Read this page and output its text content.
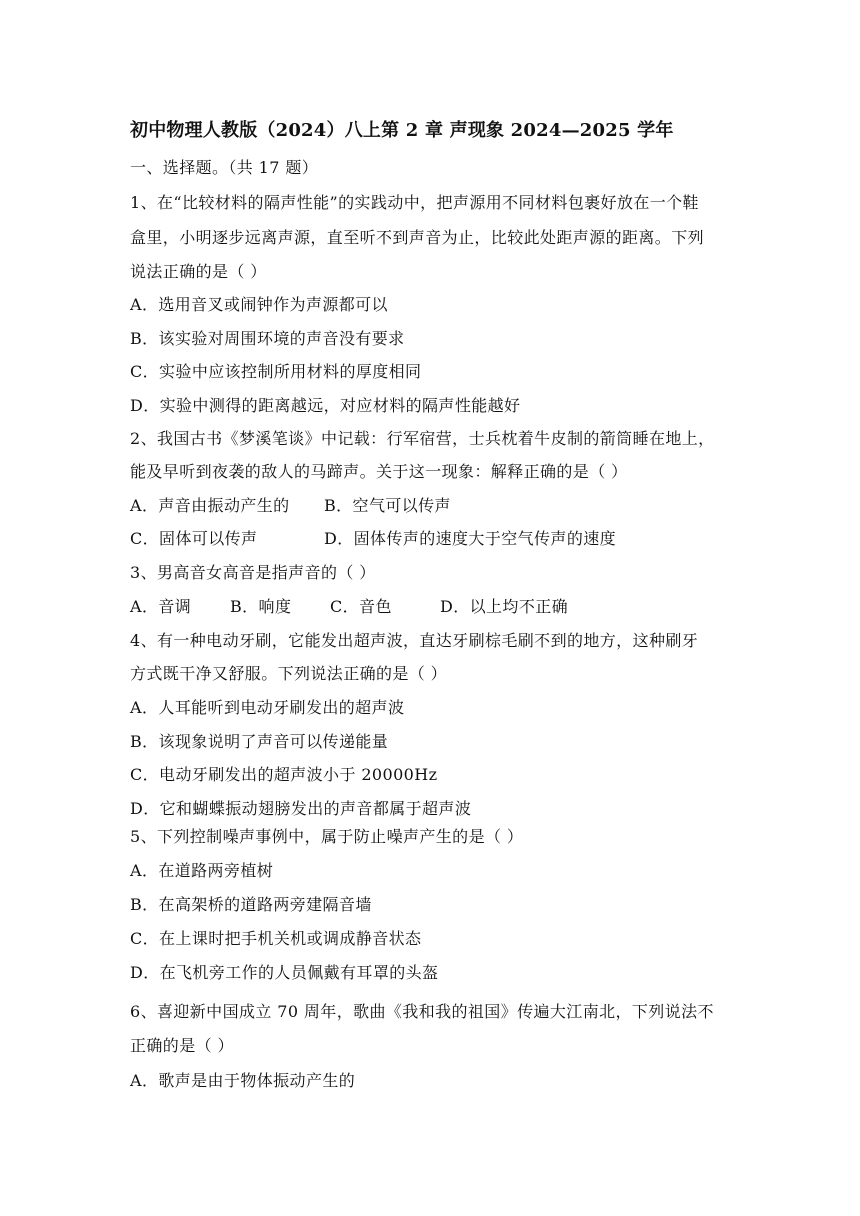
初中物理人教版（2024）八上第 2 章 声现象 2024—2025 学年
一、选择题。（共 17 题）
1、在“比较材料的隔声性能”的实践动中，把声源用不同材料包裹好放在一个鞋
盒里，小明逐步远离声源，直至听不到声音为止，比较此处距声源的距离。下列
说法正确的是（ ）
A．选用音叉或闹钟作为声源都可以
B．该实验对周围环境的声音没有要求
C．实验中应该控制所用材料的厚度相同
D．实验中测得的距离越远，对应材料的隔声性能越好
2、我国古书《梦溪笔谈》中记载：行军宿营，士兵枕着牛皮制的箭筒睡在地上，
能及早听到夜袭的敌人的马蹄声。关于这一现象：解释正确的是（ ）
A．声音由振动产生的 B．空气可以传声
C．固体可以传声	D．固体传声的速度大于空气传声的速度
3、男高音女高音是指声音的（ ）
A．音调 B．响度 C．音色	D．以上均不正确
4、有一种电动牙刷，它能发出超声波，直达牙刷棕毛刷不到的地方，这种刷牙
方式既干净又舒服。下列说法正确的是（ ）
A．人耳能听到电动牙刷发出的超声波
B．该现象说明了声音可以传递能量
C．电动牙刷发出的超声波小于 20000Hz
D．它和蝴蝶振动翅膀发出的声音都属于超声波
5、下列控制噪声事例中，属于防止噪声产生的是（ ）
A．在道路两旁植树
B．在高架桥的道路两旁建隔音墙
C．在上课时把手机关机或调成静音状态
D．在飞机旁工作的人员佩戴有耳罩的头盔
6、喜迎新中国成立 70 周年，歌曲《我和我的祖国》传遍大江南北，下列说法不
正确的是（ ）
A．歌声是由于物体振动产生的
